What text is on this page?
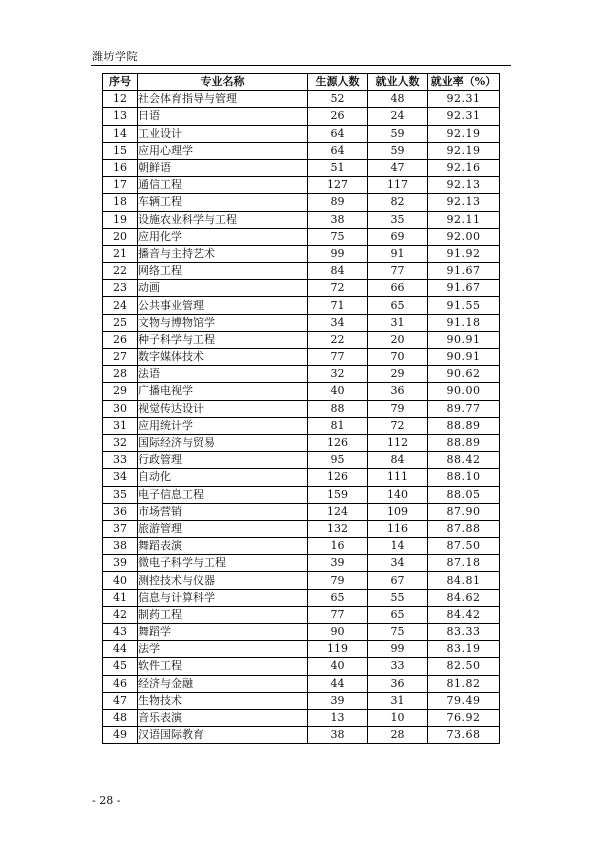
潍坊学院
序号	专业名称	生源人数	就业人数	就业率（%）
12	社会体育指导与管理	52	48	92.31
13	日语	26	24	92.31
14	工业设计	64	59	92.19
15	应用心理学	64	59	92.19
16	朝鲜语	51	47	92.16
17	通信工程	127	117	92.13
18	车辆工程	89	82	92.13
19	设施农业科学与工程	38	35	92.11
20	应用化学	75	69	92.00
21	播音与主持艺术	99	91	91.92
22	网络工程	84	77	91.67
23	动画	72	66	91.67
24	公共事业管理	71	65	91.55
25	文物与博物馆学	34	31	91.18
26	种子科学与工程	22	20	90.91
27	数字媒体技术	77	70	90.91
28	法语	32	29	90.62
29	广播电视学	40	36	90.00
30	视觉传达设计	88	79	89.77
31	应用统计学	81	72	88.89
32	国际经济与贸易	126	112	88.89
33	行政管理	95	84	88.42
34	自动化	126	111	88.10
35	电子信息工程	159	140	88.05
36	市场营销	124	109	87.90
37	旅游管理	132	116	87.88
38	舞蹈表演	16	14	87.50
39	微电子科学与工程	39	34	87.18
40	测控技术与仪器	79	67	84.81
41	信息与计算科学	65	55	84.62
42	制药工程	77	65	84.42
43	舞蹈学	90	75	83.33
44	法学	119	99	83.19
45	软件工程	40	33	82.50
46	经济与金融	44	36	81.82
47	生物技术	39	31	79.49
48	音乐表演	13	10	76.92
49	汉语国际教育	38	28	73.68
- 28 -
